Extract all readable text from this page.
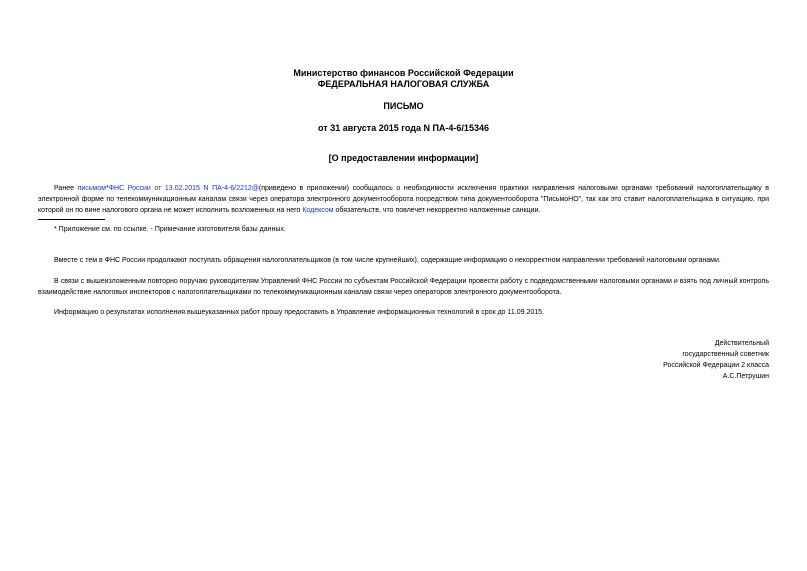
Министерство финансов Российской Федерации
ФЕДЕРАЛЬНАЯ НАЛОГОВАЯ СЛУЖБА
ПИСЬМО
от 31 августа 2015 года N ПА-4-6/15346
[О предоставлении информации]
Ранее письмом*ФНС России от 13.02.2015 N ПА-4-6/2212@(приведено в приложении) сообщалось о необходимости исключения практики направления налоговыми органами требований налогоплательщику в электронной форме по телекоммуникационным каналам связи через оператора электронного документооборота посредством типа документооборота "ПисьмоНО", так как это ставит налогоплательщика в ситуацию, при которой он по вине налогового органа не может исполнить возложенных на него Кодексом обязательств, что повлечет некорректно наложенные санкции.
* Приложение см. по ссылке. - Примечание изготовителя базы данных.
Вместе с тем в ФНС России продолжают поступать обращения налогоплательщиков (в том числе крупнейших), содержащие информацию о некорректном направлении требований налоговыми органами.
В связи с вышеизложенным повторно поручаю руководителям Управлений ФНС России по субъектам Российской Федерации провести работу с подведомственными налоговыми органами и взять под личный контроль взаимодействие налоговых инспекторов с налогоплательщиками по телекоммуникационным каналам связи через операторов электронного документооборота.
Информацию о результатах исполнения вышеуказанных работ прошу предоставить в Управление информационных технологий в срок до 11.09.2015.
Действительный
государственный советник
Российской Федерации 2 класса
А.С.Петрушин
